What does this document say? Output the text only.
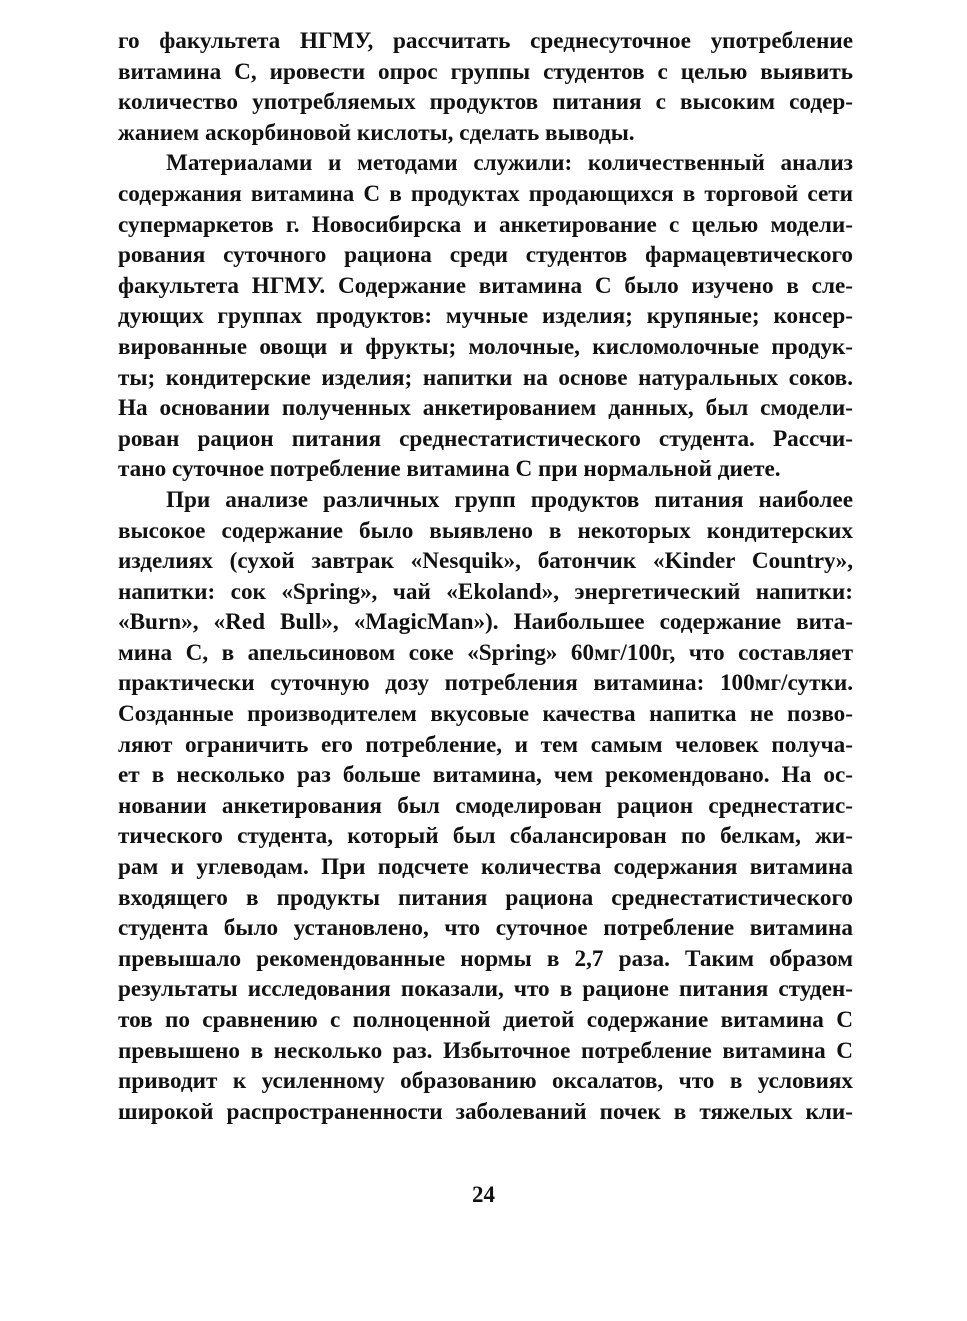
го факультета НГМУ, рассчитать среднесуточное употребление
витамина С, ировести опрос группы студентов с целью выявить
количество употребляемых продуктов питания с высоким содер-
жанием аскорбиновой кислоты, сделать выводы.
Материалами и методами служили: количественный анализ
содержания витамина С в продуктах продающихся в торговой сети
супермаркетов г. Новосибирска и анкетирование с целью модели-
рования суточного рациона среди студентов фармацевтического
факультета НГМУ. Содержание витамина С было изучено в сле-
дующих группах продуктов: мучные изделия; крупяные; консер-
вированные овощи и фрукты; молочные, кисломолочные продук-
ты; кондитерские изделия; напитки на основе натуральных соков.
На основании полученных анкетированием данных, был смодели-
рован рацион питания среднестатистического студента. Рассчи-
тано суточное потребление витамина С при нормальной диете.
При анализе различных групп продуктов питания наиболее
высокое содержание было выявлено в некоторых кондитерских
изделиях (сухой завтрак «Nesquik», батончик «Kinder Country»,
напитки: сок «Spring», чай «Ekoland», энергетический напитки:
«Burn», «Red Bull», «MagicMan»). Наибольшее содержание вита-
мина С, в апельсиновом соке «Spring» 60мг/100г, что составляет
практически суточную дозу потребления витамина: 100мг/сутки.
Созданные производителем вкусовые качества напитка не позво-
ляют ограничить его потребление, и тем самым человек получа-
ет в несколько раз больше витамина, чем рекомендовано. На ос-
новании анкетирования был смоделирован рацион среднестатис-
тического студента, который был сбалансирован по белкам, жи-
рам и углеводам. При подсчете количества содержания витамина
входящего в продукты питания рациона среднестатистического
студента было установлено, что суточное потребление витамина
превышало рекомендованные нормы в 2,7 раза. Таким образом
результаты исследования показали, что в рационе питания студен-
тов по сравнению с полноценной диетой содержание витамина С
превышено в несколько раз. Избыточное потребление витамина С
приводит к усиленному образованию оксалатов, что в условиях
широкой распространенности заболеваний почек в тяжелых кли-
24
